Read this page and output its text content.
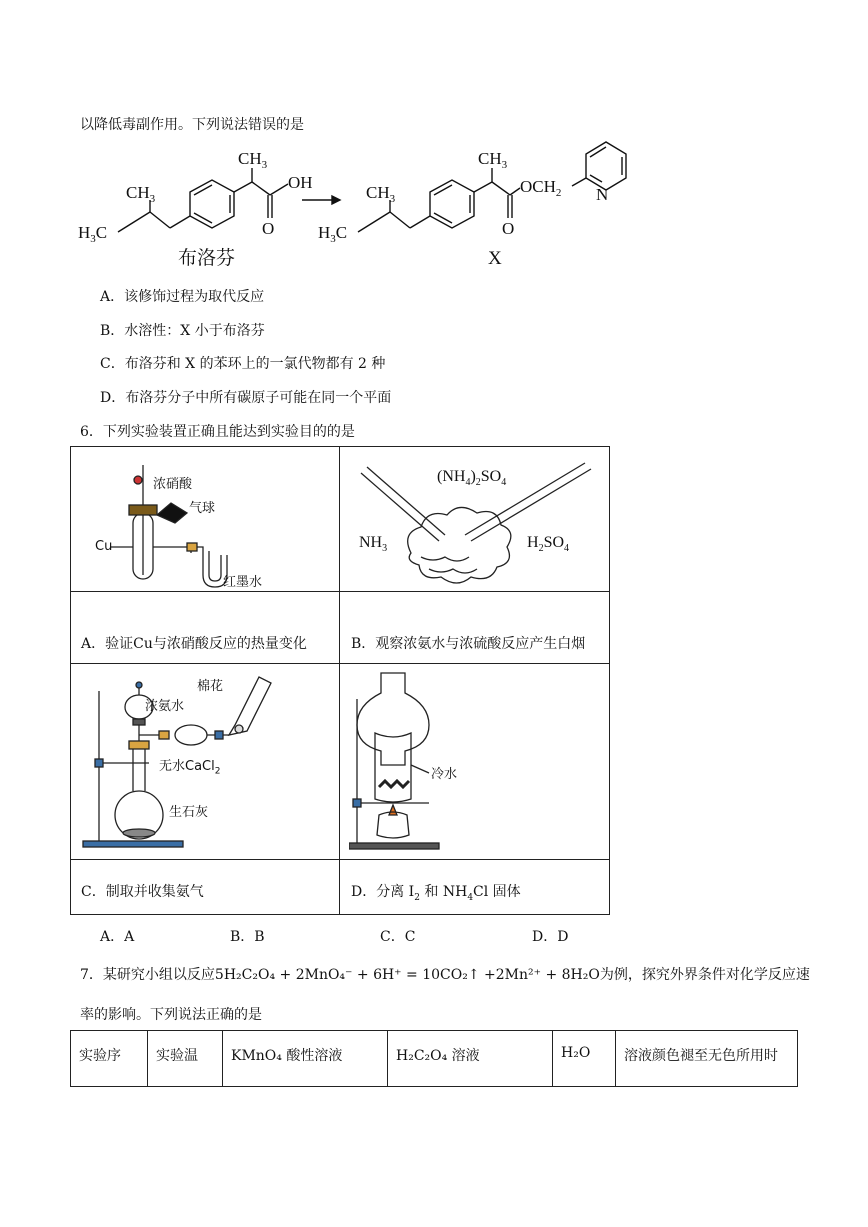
以降低毒副作用。下列说法错误的是
$CH_3$
$CH_3$
$H_3C$
OH
O
$CH_3$
$CH_3$
$H_3C$
$OCH_2$
O
N
布洛芬	X
A．该修饰过程为取代反应
B．水溶性：X 小于布洛芬
C．布洛芬和 X 的苯环上的一氯代物都有 2 种
D．布洛芬分子中所有碳原子可能在同一个平面
6．下列实验装置正确且能达到实验目的的是
浓硝酸
气球
Cu
红墨水
$(NH_4)_2SO_4$
$NH_3$	$H_2SO_4$
A．验证Cu与浓硝酸反应的热量变化	B．观察浓氨水与浓硫酸反应产生白烟
浓氨水
棉花
无水CaCl$_2$
生石灰
冷水
C．制取并收集氨气	D．分离 $I_2$ 和 $NH_4Cl$ 固体
A．A	B．B	C．C	D．D
7．某研究小组以反应5H₂C₂O₄ + 2MnO₄⁻ + 6H⁺ = 10CO₂↑ +2Mn²⁺ + 8H₂O为例，探究外界条件对化学反应速
率的影响。下列说法正确的是
实验序	实验温	KMnO₄ 酸性溶液	H₂C₂O₄ 溶液	H₂O	溶液颜色褪至无色所用时
